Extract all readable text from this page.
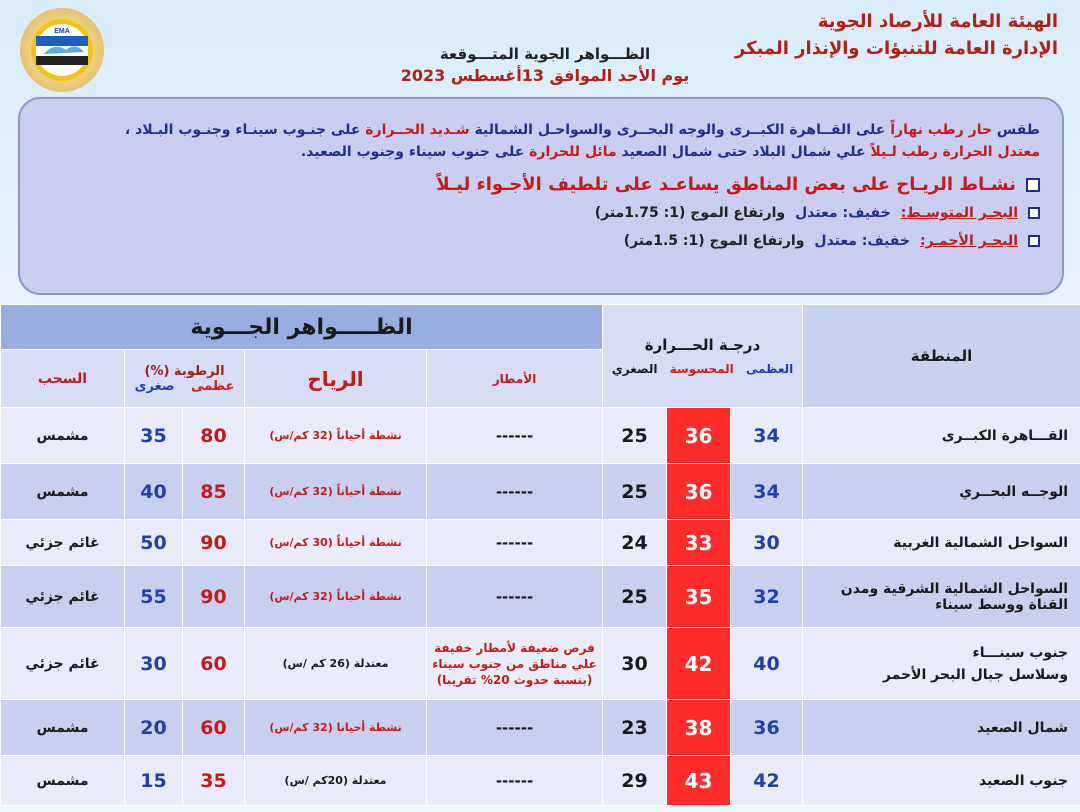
EMA	الهيئة العامة للأرصاد الجوية
الإدارة العامة للتنبؤات والإنذار المبكر
الظـــواهر الجوية المتـــوقعة
يوم الأحد الموافق 13أغسطس 2023
طقس حار رطب نهاراً على القــاهرة الكبــرى والوجه البحــرى والسواحـل الشمالية شـديد الحــرارة على جنـوب سينـاء وجنـوب البـلاد ،
معتدل الحرارة رطب لـيلاً علي شمال البلاد حتى شمال الصعيد مائل للحرارة على جنوب سيناء وجنوب الصعيد.
نشـاط الريـاح على بعض المناطق يساعـد على تلطيف الأجـواء ليـلاً
البحـر المتوسـط:
خفيف: معتدل
وارتفاع الموج (1: 1.75متر)
البحـر الأحمـر:
خفيف: معتدل
وارتفاع الموج (1: 1.5متر)
المنطقة	درجـة الحـــرارة
العظمى المحسوسة الصغري			الظـــــواهر الجـــوية				
				الأمطار	الرياح	الرطوبة (%)
عظمى صغرى		السحب
القـــاهرة الكبــرى	34	36	25	------	نشطة أحياناً (32 كم/س)	80	35	مشمس
الوجــه البحــري	34	36	25	------	نشطة أحياناً (32 كم/س)	85	40	مشمس
السواحل الشمالية الغربية	30	33	24	------	نشطة أحياناً (30 كم/س)	90	50	غائم جزئي
السواحل الشمالية الشرقية ومدن القناة ووسط سيناء	32	35	25	------	نشطة أحياناً (32 كم/س)	90	55	غائم جزئي

جنوب سينـــاء
وسلاسل جبال البحر الأحمر	40	42	30	فرص ضعيفة لأمطار خفيفة علي مناطق من جنوب سيناء (بنسبة حدوث 20% تقريبا)	معتدلة (26 كم /س)	60	30	غائم جزئي
شمال الصعيد	36	38	23	------	نشطة أحيانا (32 كم/س)	60	20	مشمس
جنوب الصعيد	42	43	29	------	معتدلة (20كم /س)	35	15	مشمس
